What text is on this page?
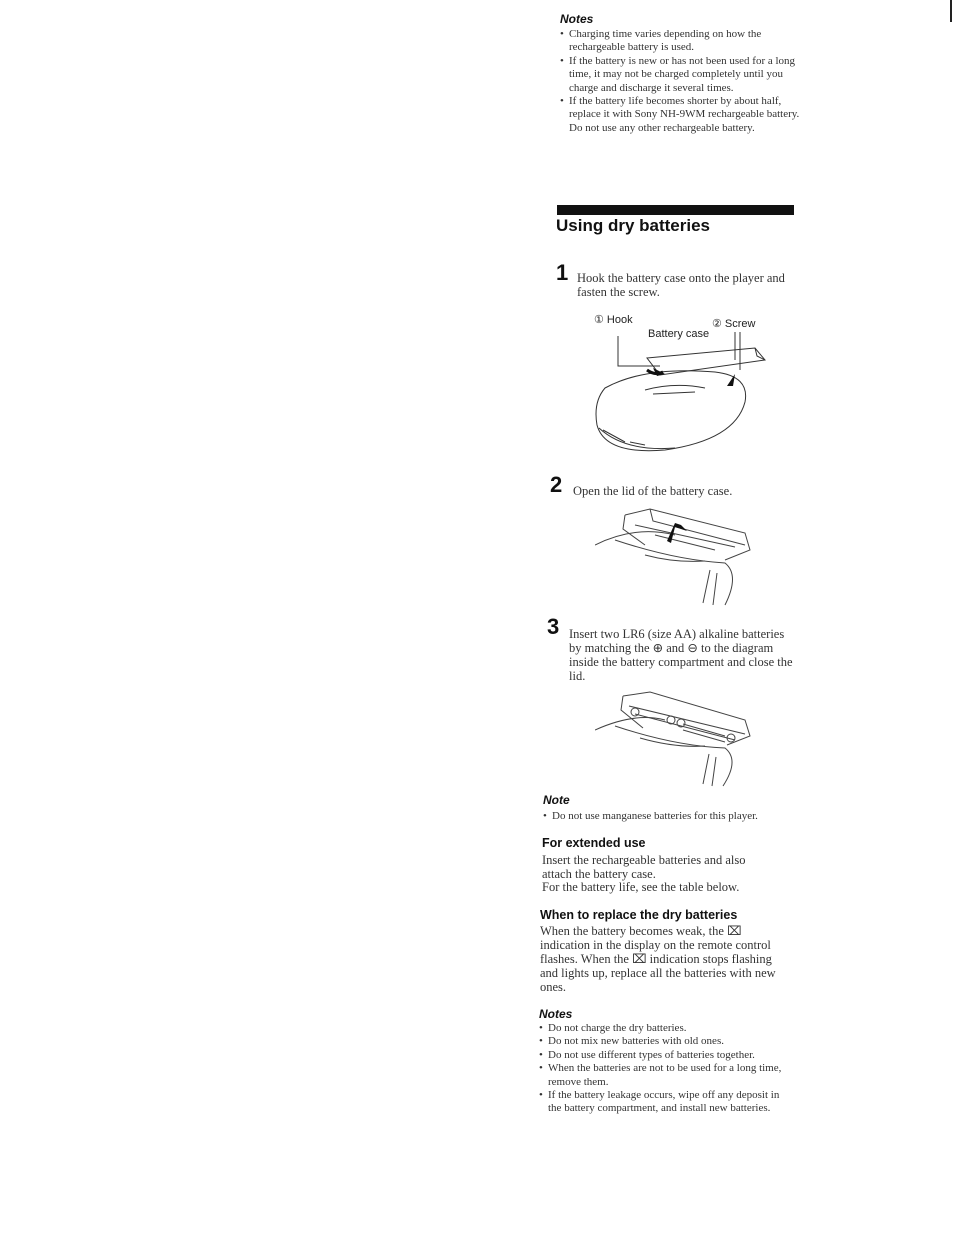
Notes
• Charging time varies depending on how the rechargeable battery is used.
• If the battery is new or has not been used for a long time, it may not be charged completely until you charge and discharge it several times.
• If the battery life becomes shorter by about half, replace it with Sony NH-9WM rechargeable battery. Do not use any other rechargeable battery.
Using dry batteries
1 Hook the battery case onto the player and fasten the screw.
① Hook	② Screw
Battery case
2 Open the lid of the battery case.
3 Insert two LR6 (size AA) alkaline batteries by matching the ⊕ and ⊖ to the diagram inside the battery compartment and close the lid.
Note
• Do not use manganese batteries for this player.
For extended use
Insert the rechargeable batteries and also attach the battery case.
For the battery life, see the table below.
When to replace the dry batteries
When the battery becomes weak, the ⌧ indication in the display on the remote control flashes. When the ⌧ indication stops flashing and lights up, replace all the batteries with new ones.
Notes
• Do not charge the dry batteries.
• Do not mix new batteries with old ones.
• Do not use different types of batteries together.
• When the batteries are not to be used for a long time, remove them.
• If the battery leakage occurs, wipe off any deposit in the battery compartment, and install new batteries.
